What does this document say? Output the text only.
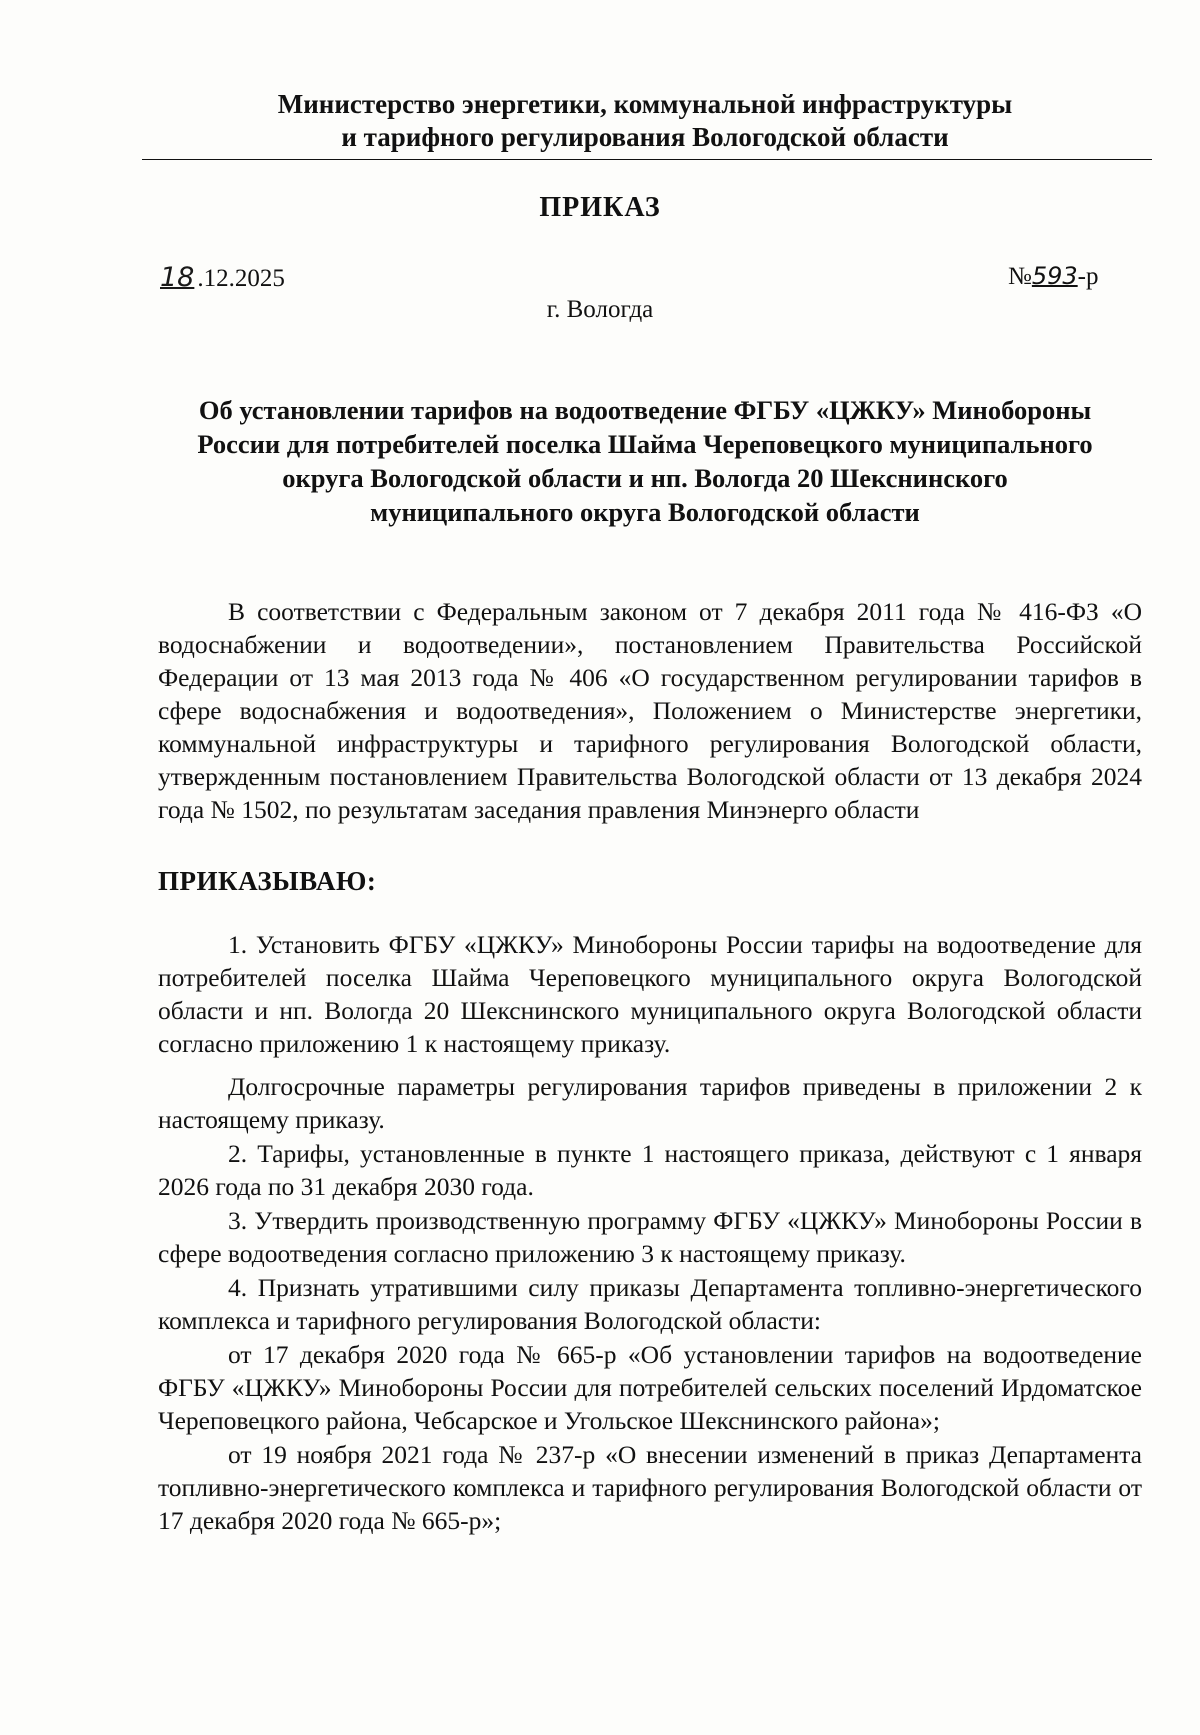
Министерство энергетики, коммунальной инфраструктуры
и тарифного регулирования Вологодской области
ПРИКАЗ
18 .12.2025	№593-р
г. Вологда
Об установлении тарифов на водоотведение ФГБУ «ЦЖКУ» Минобороны
России для потребителей поселка Шайма Череповецкого муниципального
округа Вологодской области и нп. Вологда 20 Шекснинского
муниципального округа Вологодской области

В соответствии с Федеральным законом от 7 декабря 2011 года № 416-ФЗ «О водоснабжении и водоотведении», постановлением Правительства Российской Федерации от 13 мая 2013 года № 406 «О государственном регулировании тарифов в сфере водоснабжения и водоотведения», Положением о Министерстве энергетики, коммунальной инфраструктуры и тарифного регулирования Вологодской области, утвержденным постановлением Правительства Вологодской области от 13 декабря 2024 года № 1502, по результатам заседания правления Минэнерго области

ПРИКАЗЫВАЮ:

1. Установить ФГБУ «ЦЖКУ» Минобороны России тарифы на водоотведение для потребителей поселка Шайма Череповецкого муниципального округа Вологодской области и нп. Вологда 20 Шекснинского муниципального округа Вологодской области согласно приложению 1 к настоящему приказу.

Долгосрочные параметры регулирования тарифов приведены в приложении 2 к настоящему приказу.

2. Тарифы, установленные в пункте 1 настоящего приказа, действуют с 1 января 2026 года по 31 декабря 2030 года.

3. Утвердить производственную программу ФГБУ «ЦЖКУ» Минобороны России в сфере водоотведения согласно приложению 3 к настоящему приказу.

4. Признать утратившими силу приказы Департамента топливно-энергетического комплекса и тарифного регулирования Вологодской области:

от 17 декабря 2020 года № 665-р «Об установлении тарифов на водоотведение ФГБУ «ЦЖКУ» Минобороны России для потребителей сельских поселений Ирдоматское Череповецкого района, Чебсарское и Угольское Шекснинского района»;

от 19 ноября 2021 года № 237-р «О внесении изменений в приказ Департамента топливно-энергетического комплекса и тарифного регулирования Вологодской области от 17 декабря 2020 года № 665-р»;
